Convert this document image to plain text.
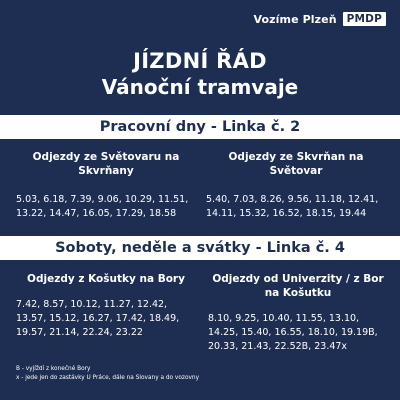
Vozíme Plzeň PMDP
JÍZDNÍ ŘÁD
Vánoční tramvaje
Pracovní dny - Linka č. 2
Odjezdy ze Světovaru na Skvrňany
5.03, 6.18, 7.39, 9.06, 10.29, 11.51, 13.22, 14.47, 16.05, 17.29, 18.58
Odjezdy ze Skvrňan na Světovar
5.40, 7.03, 8.26, 9.56, 11.18, 12.41, 14.11, 15.32, 16.52, 18.15, 19.44
Soboty, neděle a svátky - Linka č. 4
Odjezdy z Košutky na Bory
7.42, 8.57, 10.12, 11.27, 12.42, 13.57, 15.12, 16.27, 17.42, 18.49, 19.57, 21.14, 22.24, 23.22
Odjezdy od Univerzity / z Bor na Košutku
8.10, 9.25, 10.40, 11.55, 13.10, 14.25, 15.40, 16.55, 18.10, 19.19B, 20.33, 21.43, 22.52B, 23.47x
B - vyjíždí z konečné Bory
x - jede jen do zastávky U Práce, dále na Slovany a do vozovny
